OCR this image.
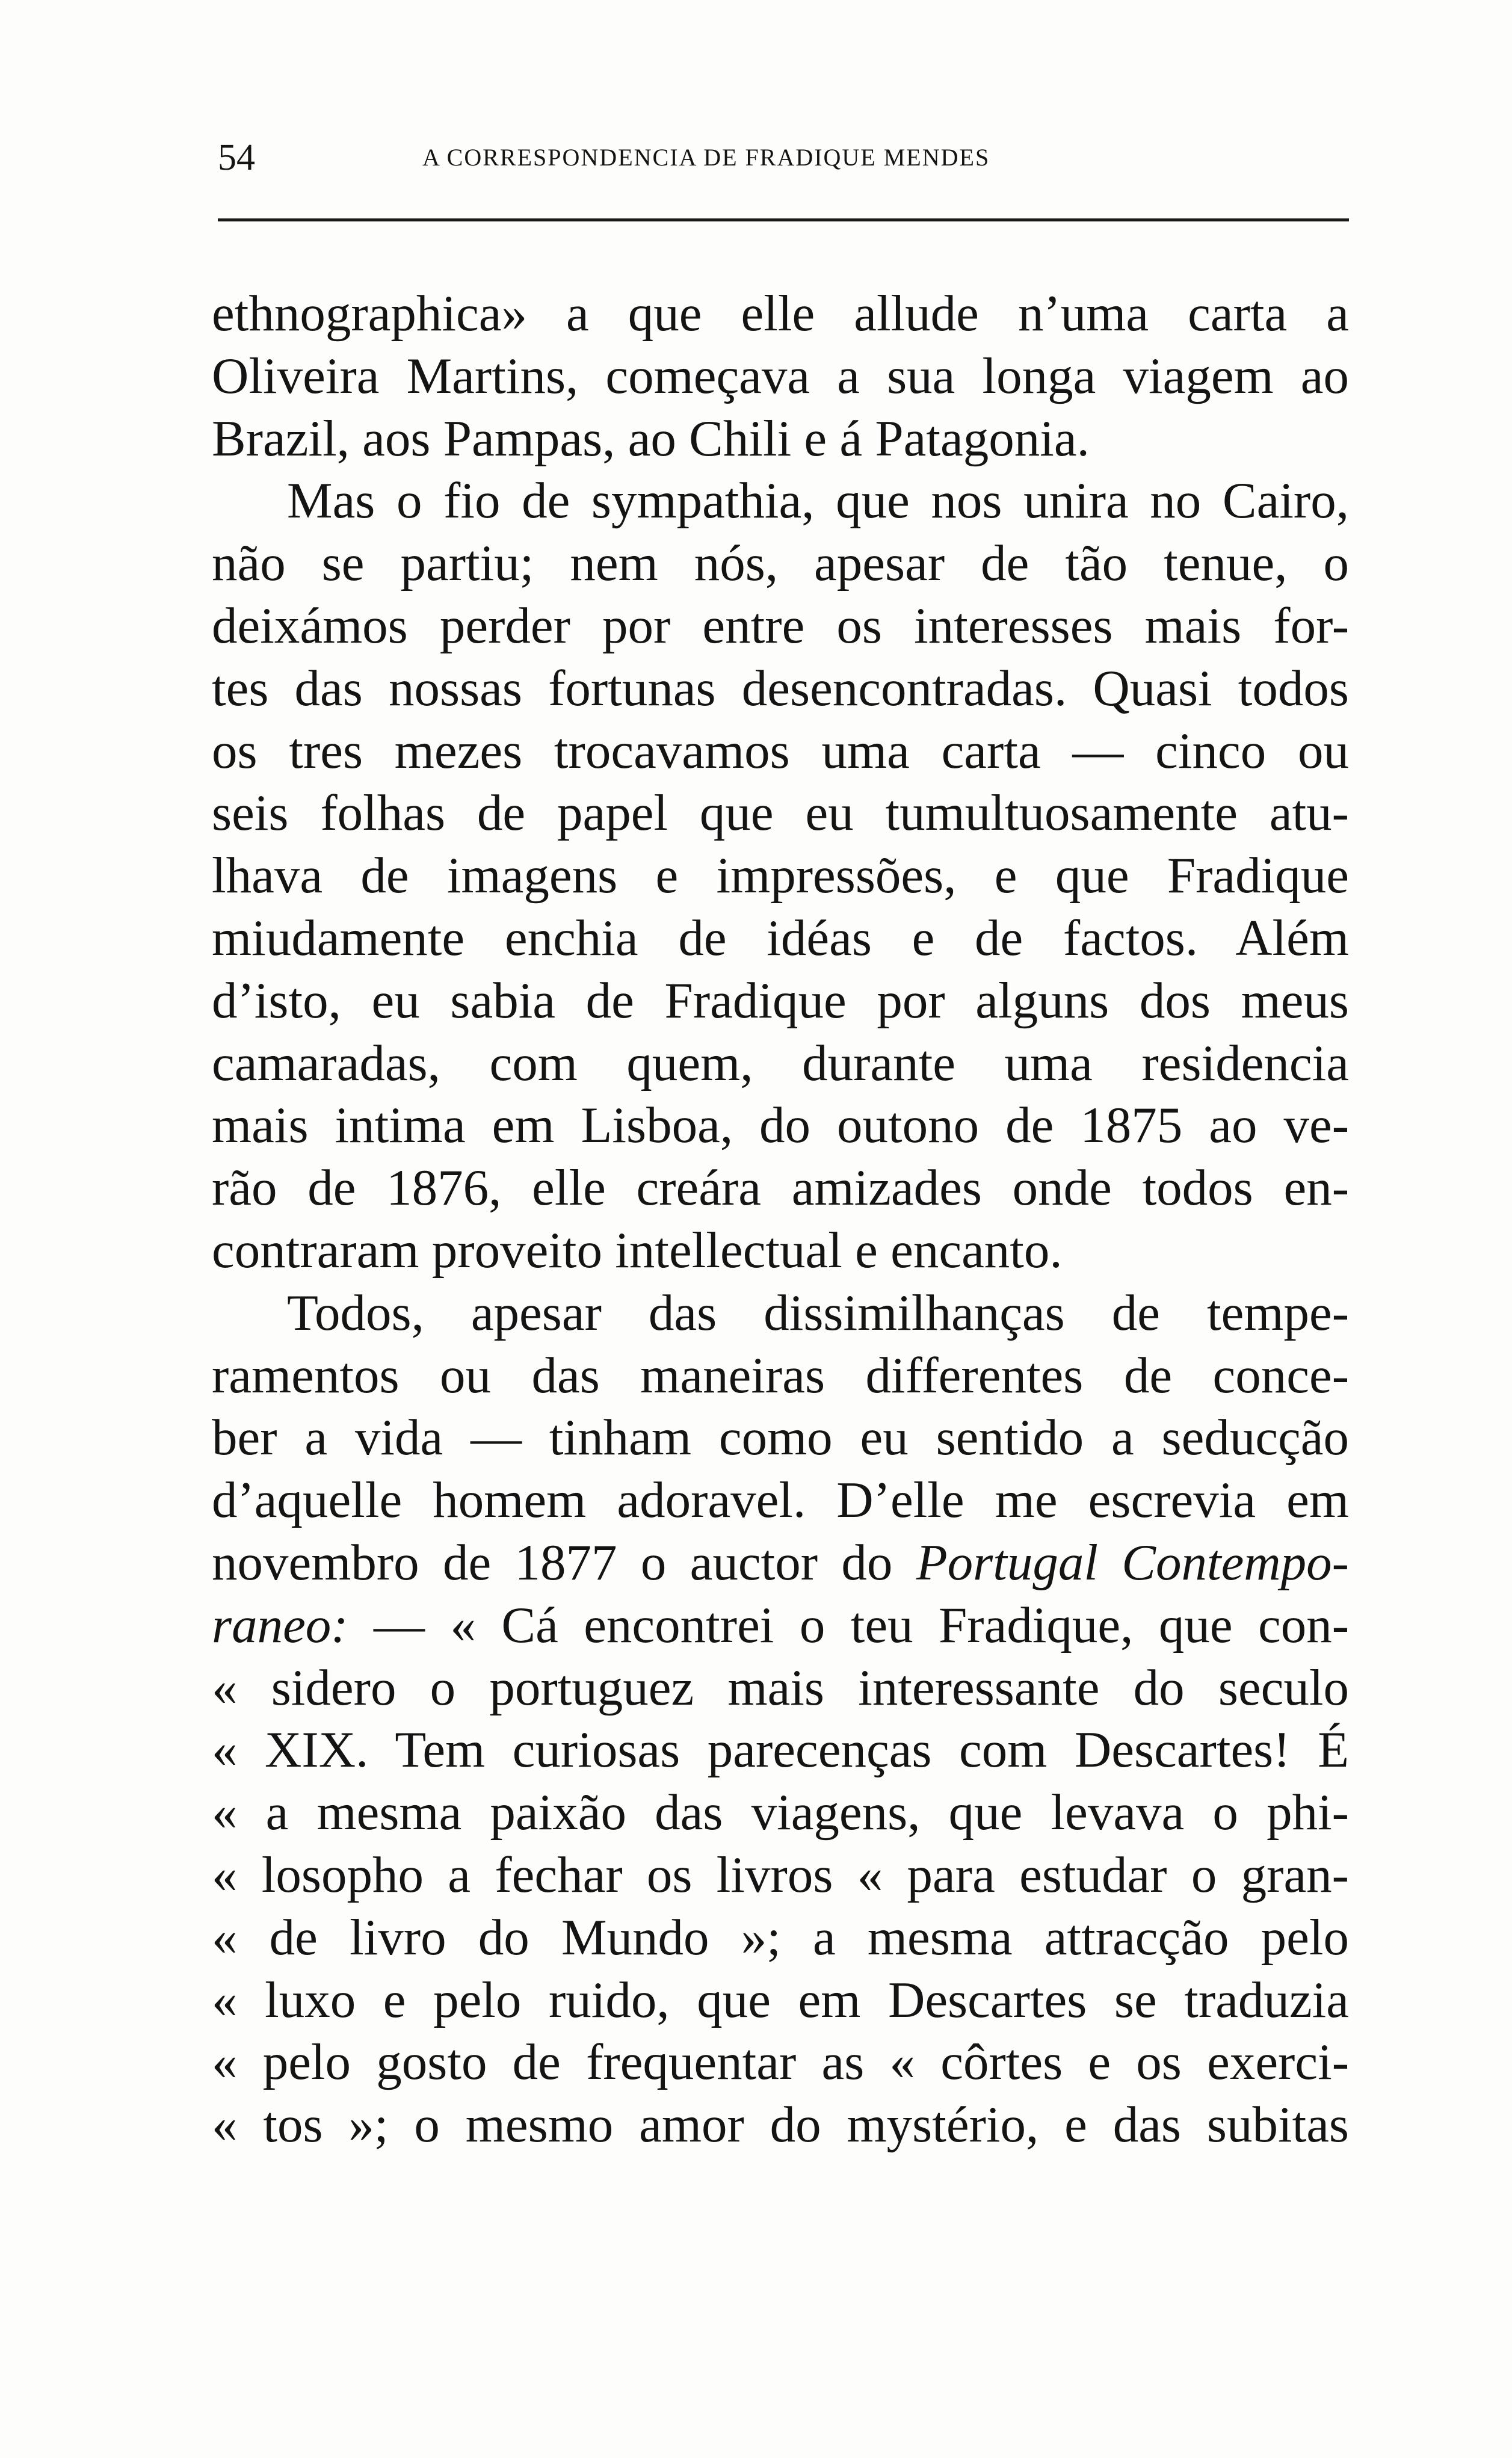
54	A CORRESPONDENCIA DE FRADIQUE MENDES
ethnographica» a que elle allude n’uma carta a
Oliveira Martins, começava a sua longa viagem ao
Brazil, aos Pampas, ao Chili e á Patagonia.
Mas o fio de sympathia, que nos unira no Cairo,
não se partiu; nem nós, apesar de tão tenue, o
deixámos perder por entre os interesses mais for-
tes das nossas fortunas desencontradas. Quasi todos
os tres mezes trocavamos uma carta — cinco ou
seis folhas de papel que eu tumultuosamente atu-
lhava de imagens e impressões, e que Fradique
miudamente enchia de idéas e de factos. Além
d’isto, eu sabia de Fradique por alguns dos meus
camaradas, com quem, durante uma residencia
mais intima em Lisboa, do outono de 1875 ao ve-
rão de 1876, elle creára amizades onde todos en-
contraram proveito intellectual e encanto.
Todos, apesar das dissimilhanças de tempe-
ramentos ou das maneiras differentes de conce-
ber a vida — tinham como eu sentido a seducção
d’aquelle homem adoravel. D’elle me escrevia em
novembro de 1877 o auctor do Portugal Contempo-
raneo: — « Cá encontrei o teu Fradique, que con-
« sidero o portuguez mais interessante do seculo
« XIX. Tem curiosas parecenças com Descartes! É
« a mesma paixão das viagens, que levava o phi-
« losopho a fechar os livros « para estudar o gran-
« de livro do Mundo »; a mesma attracção pelo
« luxo e pelo ruido, que em Descartes se traduzia
« pelo gosto de frequentar as « côrtes e os exerci-
« tos »; o mesmo amor do mystério, e das subitas
